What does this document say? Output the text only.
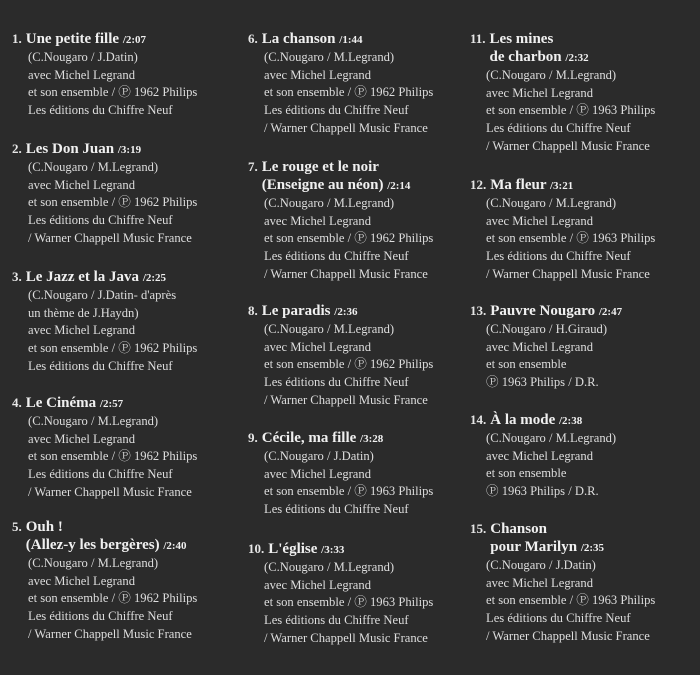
1. Une petite fille /2:07
(C.Nougaro / J.Datin)
avec Michel Legrand
et son ensemble / Ⓟ 1962 Philips
Les éditions du Chiffre Neuf
2. Les Don Juan /3:19
(C.Nougaro / M.Legrand)
avec Michel Legrand
et son ensemble / Ⓟ 1962 Philips
Les éditions du Chiffre Neuf
/ Warner Chappell Music France
3. Le Jazz et la Java /2:25
(C.Nougaro / J.Datin- d'après
un thème de J.Haydn)
avec Michel Legrand
et son ensemble / Ⓟ 1962 Philips
Les éditions du Chiffre Neuf
4. Le Cinéma /2:57
(C.Nougaro / M.Legrand)
avec Michel Legrand
et son ensemble / Ⓟ 1962 Philips
Les éditions du Chiffre Neuf
/ Warner Chappell Music France
5. Ouh !
(Allez-y les bergères) /2:40
(C.Nougaro / M.Legrand)
avec Michel Legrand
et son ensemble / Ⓟ 1962 Philips
Les éditions du Chiffre Neuf
/ Warner Chappell Music France
6. La chanson /1:44
(C.Nougaro / M.Legrand)
avec Michel Legrand
et son ensemble / Ⓟ 1962 Philips
Les éditions du Chiffre Neuf
/ Warner Chappell Music France
7. Le rouge et le noir
(Enseigne au néon) /2:14
(C.Nougaro / M.Legrand)
avec Michel Legrand
et son ensemble / Ⓟ 1962 Philips
Les éditions du Chiffre Neuf
/ Warner Chappell Music France
8. Le paradis /2:36
(C.Nougaro / M.Legrand)
avec Michel Legrand
et son ensemble / Ⓟ 1962 Philips
Les éditions du Chiffre Neuf
/ Warner Chappell Music France
9. Cécile, ma fille /3:28
(C.Nougaro / J.Datin)
avec Michel Legrand
et son ensemble / Ⓟ 1963 Philips
Les éditions du Chiffre Neuf
10. L'église /3:33
(C.Nougaro / M.Legrand)
avec Michel Legrand
et son ensemble / Ⓟ 1963 Philips
Les éditions du Chiffre Neuf
/ Warner Chappell Music France
11. Les mines
de charbon /2:32
(C.Nougaro / M.Legrand)
avec Michel Legrand
et son ensemble / Ⓟ 1963 Philips
Les éditions du Chiffre Neuf
/ Warner Chappell Music France
12. Ma fleur /3:21
(C.Nougaro / M.Legrand)
avec Michel Legrand
et son ensemble / Ⓟ 1963 Philips
Les éditions du Chiffre Neuf
/ Warner Chappell Music France
13. Pauvre Nougaro /2:47
(C.Nougaro / H.Giraud)
avec Michel Legrand
et son ensemble
Ⓟ 1963 Philips / D.R.
14. À la mode /2:38
(C.Nougaro / M.Legrand)
avec Michel Legrand
et son ensemble
Ⓟ 1963 Philips / D.R.
15. Chanson
pour Marilyn /2:35
(C.Nougaro / J.Datin)
avec Michel Legrand
et son ensemble / Ⓟ 1963 Philips
Les éditions du Chiffre Neuf
/ Warner Chappell Music France
